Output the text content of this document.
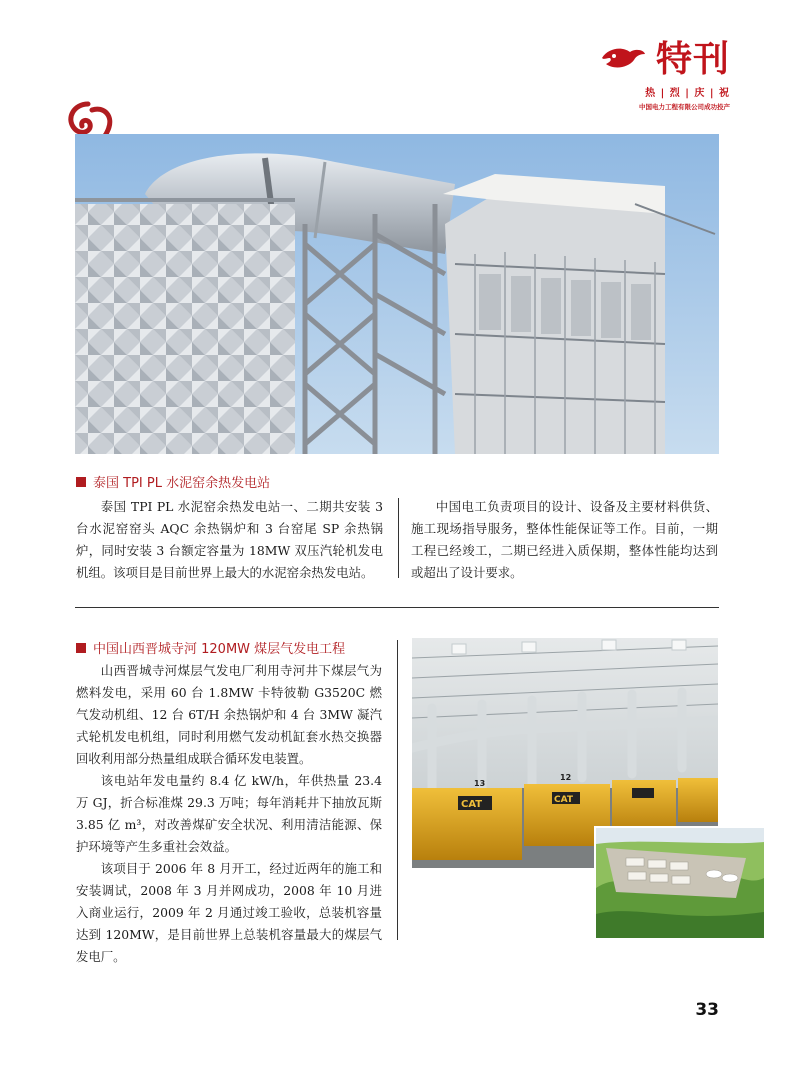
特刊
热 | 烈 | 庆 | 祝
中国电力工程有限公司成功投产
泰国 TPI PL 水泥窑余热发电站

泰国 TPI PL 水泥窑余热发电站一、二期共安装 3 台水泥窑窑头 AQC 余热锅炉和 3 台窑尾 SP 余热锅炉，同时安装 3 台额定容量为 18MW 双压汽轮机发电机组。该项目是目前世界上最大的水泥窑余热发电站。

中国电工负责项目的设计、设备及主要材料供货、施工现场指导服务，整体性能保证等工作。目前，一期工程已经竣工，二期已经进入质保期，整体性能均达到或超出了设计要求。

中国山西晋城寺河 120MW 煤层气发电工程

山西晋城寺河煤层气发电厂利用寺河井下煤层气为燃料发电，采用 60 台 1.8MW 卡特彼勒 G3520C 燃气发动机组、12 台 6T/H 余热锅炉和 4 台 3MW 凝汽式轮机发电机组，同时利用燃气发动机缸套水热交换器回收利用部分热量组成联合循环发电装置。

该电站年发电量约 8.4 亿 kW/h，年供热量 23.4 万 GJ，折合标准煤 29.3 万吨；每年消耗井下抽放瓦斯 3.85 亿 m³，对改善煤矿安全状况、利用清洁能源、保护环境等产生多重社会效益。

该项目于 2006 年 8 月开工，经过近两年的施工和安装调试，2008 年 3 月并网成功，2008 年 10 月进入商业运行，2009 年 2 月通过竣工验收，总装机容量达到 120MW，是目前世界上总装机容量最大的煤层气发电厂。

CAT	CAT
13
12
33
